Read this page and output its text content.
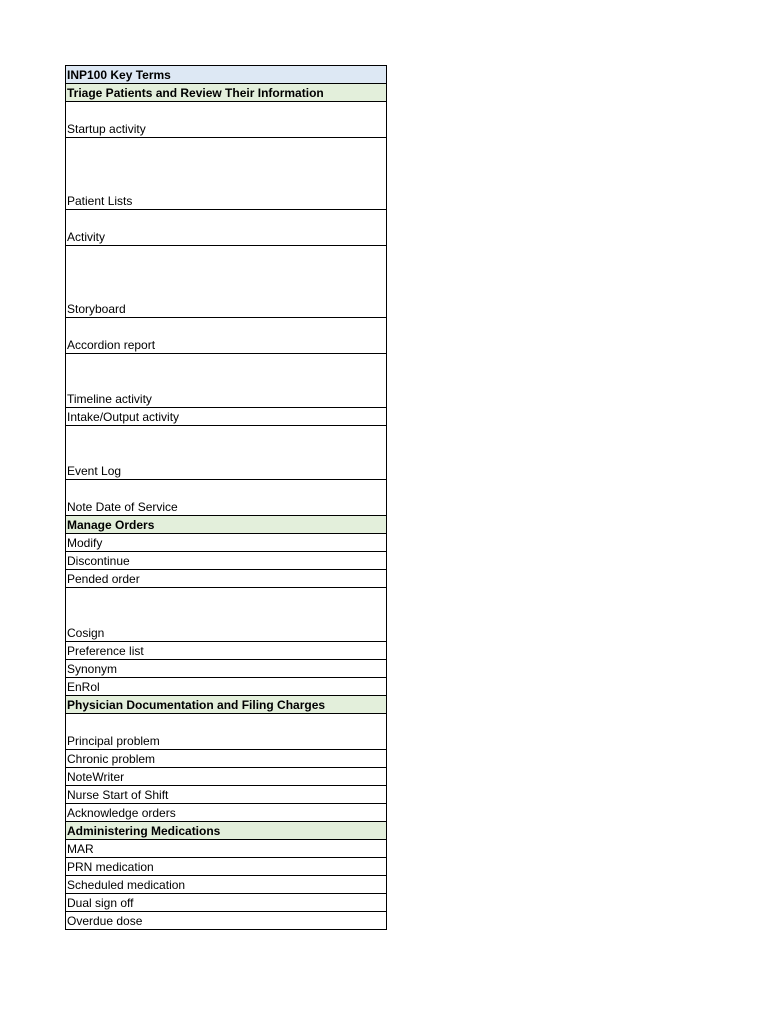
INP100 Key Terms
Triage Patients and Review Their Information
Startup activity
Patient Lists
Activity
Storyboard
Accordion report
Timeline activity
Intake/Output activity
Event Log
Note Date of Service
Manage Orders
Modify
Discontinue
Pended order
Cosign
Preference list
Synonym
EnRol
Physician Documentation and Filing Charges
Principal problem
Chronic problem
NoteWriter
Nurse Start of Shift
Acknowledge orders
Administering Medications
MAR
PRN medication
Scheduled medication
Dual sign off
Overdue dose
